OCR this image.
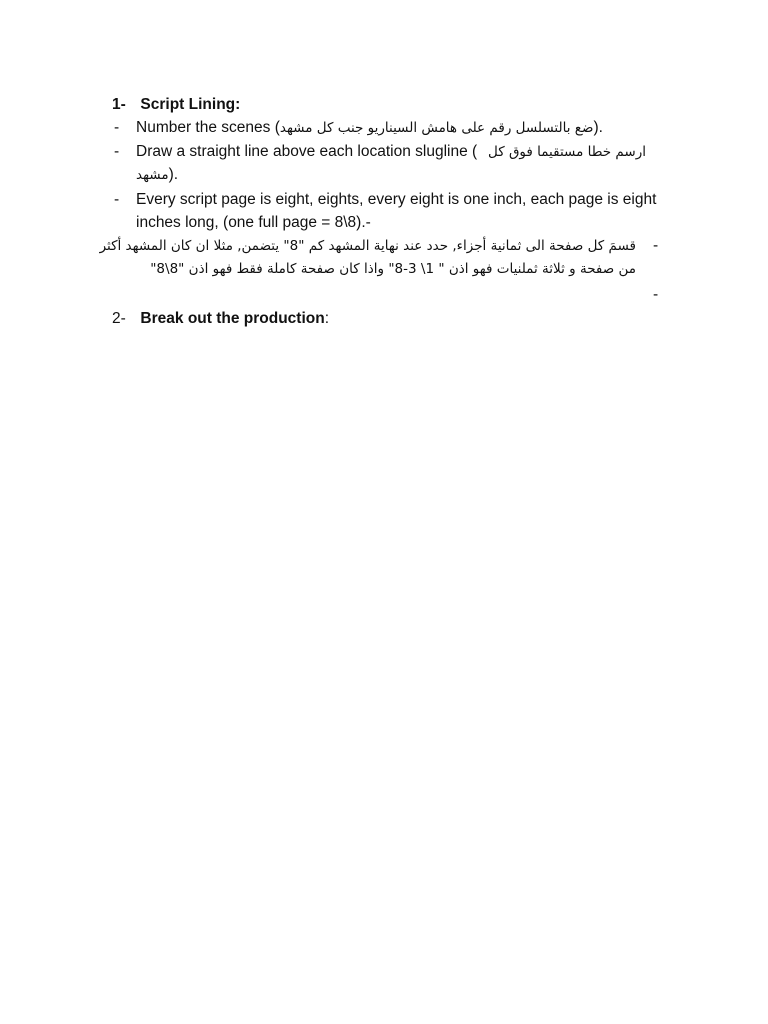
1- Script Lining:
- Number the scenes (ضع بالتسلسل رقم على هامش السيناريو جنب كل مشهد).
- Draw a straight line above each location slugline ( ارسم خطا مستقيما فوق كل
مشهد).
- Every script page is eight, eights, every eight is one inch, each page is eight
inches long, (one full page = 8\8).-
-
قسمَ كل صفحة الى ثمانية أجزاء, حدد عند نهاية المشهد كم "8" يتضمن, مثلا ان كان المشهد أكثر
من صفحة و ثلاثة ثملنيات فهو اذن " 1\ 3-8" واذا كان صفحة كاملة فقط فهو اذن "8\8"
-
2- Break out the production:
